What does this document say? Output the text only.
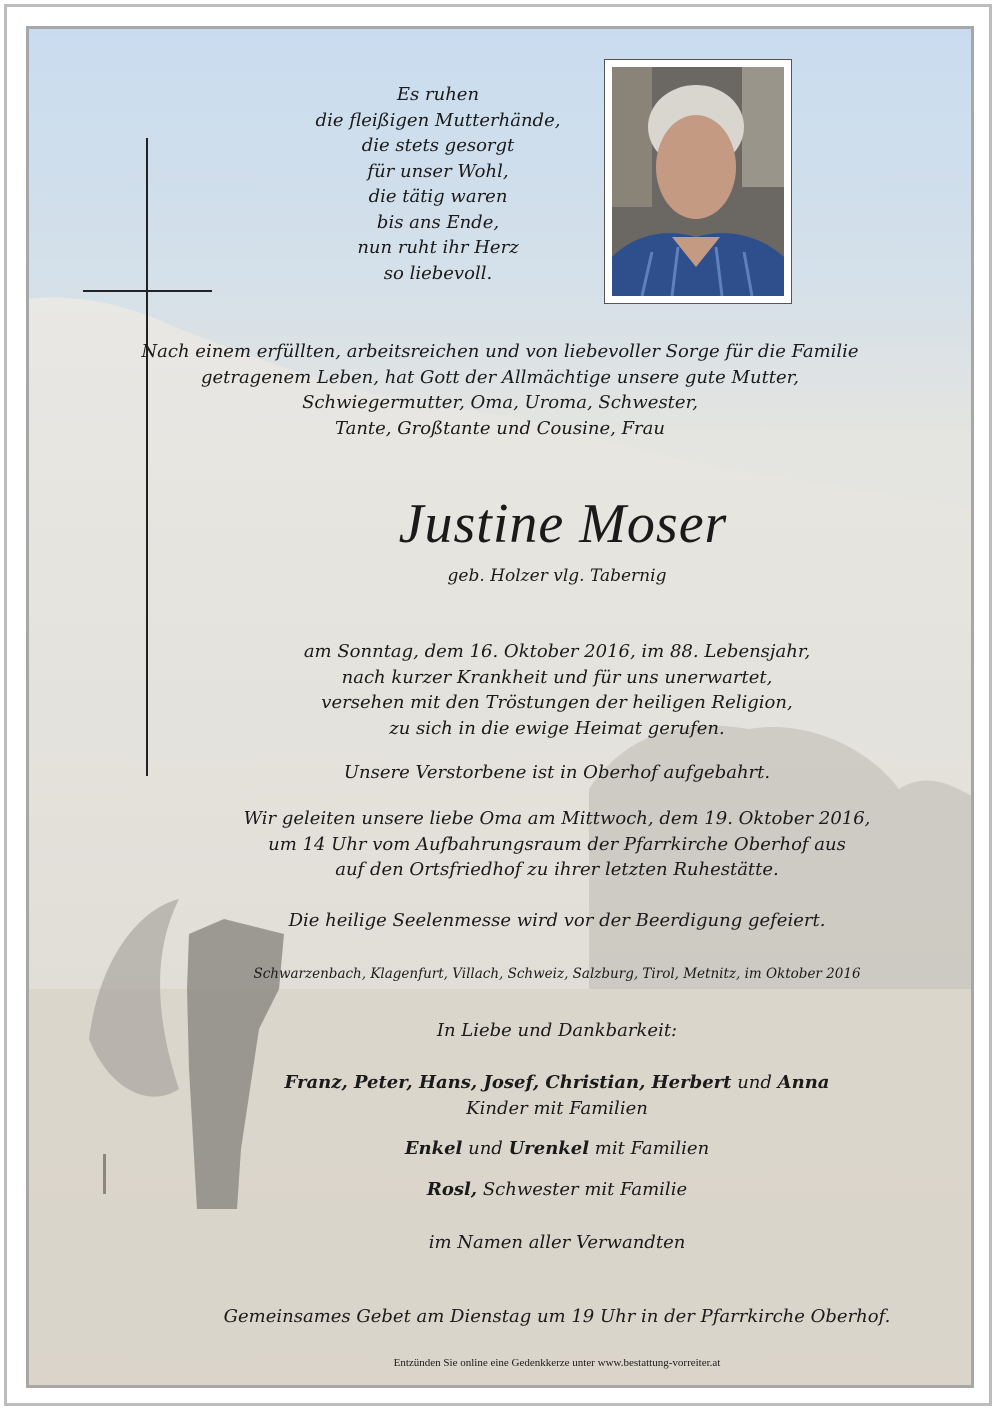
Es ruhen
die fleißigen Mutterhände,
die stets gesorgt
für unser Wohl,
die tätig waren
bis ans Ende,
nun ruht ihr Herz
so liebevoll.
Nach einem erfüllten, arbeitsreichen und von liebevoller Sorge für die Familie
getragenem Leben, hat Gott der Allmächtige unsere gute Mutter,
Schwiegermutter, Oma, Uroma, Schwester,
Tante, Großtante und Cousine, Frau
Justine Moser
geb. Holzer vlg. Tabernig
am Sonntag, dem 16. Oktober 2016, im 88. Lebensjahr,
nach kurzer Krankheit und für uns unerwartet,
versehen mit den Tröstungen der heiligen Religion,
zu sich in die ewige Heimat gerufen.
Unsere Verstorbene ist in Oberhof aufgebahrt.
Wir geleiten unsere liebe Oma am Mittwoch, dem 19. Oktober 2016,
um 14 Uhr vom Aufbahrungsraum der Pfarrkirche Oberhof aus
auf den Ortsfriedhof zu ihrer letzten Ruhestätte.
Die heilige Seelenmesse wird vor der Beerdigung gefeiert.
Schwarzenbach, Klagenfurt, Villach, Schweiz, Salzburg, Tirol, Metnitz, im Oktober 2016
In Liebe und Dankbarkeit:
Franz, Peter, Hans, Josef, Christian, Herbert und Anna
Kinder mit Familien
Enkel und Urenkel mit Familien
Rosl, Schwester mit Familie
im Namen aller Verwandten
Gemeinsames Gebet am Dienstag um 19 Uhr in der Pfarrkirche Oberhof.
Entzünden Sie online eine Gedenkkerze unter www.bestattung-vorreiter.at
